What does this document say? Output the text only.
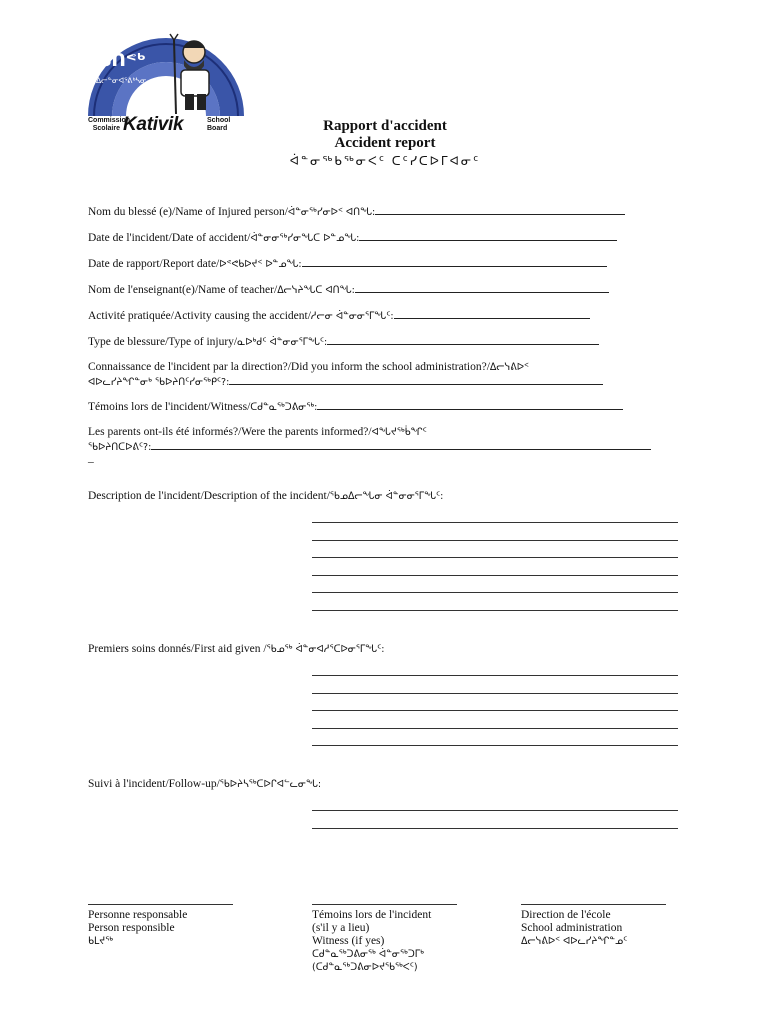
ᑲᑎᕝᒃ
ᐃᓕᓐᓂᐊᕐᕕᒃᓴᓂ
Commission Scolaire Kativik	School Board	Rapport d'accident
Accident report
ᐋᓐᓂᖅᑲᖅᓂᐸᑦ ᑕᑦᓯᑕᐅᒥᐊᓂᑦ
Nom du blessé (e)/Name of Injured person/ᐋᓐᓂᖅᓯᓂᐅᑉ ᐊᑎᖓ:
Date de l'incident/Date of accident/ᐋᓐᓂᓂᖅᓯᓂᖓᑕ ᐅᓐᓄᖓ:
Date de rapport/Report date/ᐅᕝᕙᑲᐅᔪᑉ ᐅᓐᓄᖓ:
Nom de l'enseignant(e)/Name of teacher/ᐃᓕᓭᔨᖓᑕ ᐊᑎᖓ:
Activité pratiquée/Activity causing the accident/ᓱᓕᓂ ᐋᓐᓂᓂᕐᒥᖓᑦ:
Type de blessure/Type of injury/ᓇᐅᒃᑯᑦ ᐋᓐᓂᓂᕐᒥᖓᑦ:
Connaissance de l'incident par la direction?/Did you inform the school administration?/ᐃᓕᓭᕕᐅᑉ
ᐊᐅᓚᓯᔨᖏᓐᓂᒃ ᖃᐅᔨᑎᑦᓯᓂᖅᑭᑦ?:
Témoins lors de l'incident/Witness/ᑕᑯᓐᓇᖅᑐᕕᓂᖅ:
Les parents ont-ils été informés?/Were the parents informed?/ᐊᖓᔪᖅᑳᖏᑦ
ᖃᐅᔨᑎᑕᐅᕕᑦ?:
_
Description de l'incident/Description of the incident/ᖃᓄᐃᓕᖓᓂ ᐋᓐᓂᓂᕐᒥᖓᑦ:
Premiers soins donnés/First aid given /ᖃᓄᖅ ᐋᓐᓂᐊᓱᕐᑕᐅᓂᕐᒥᖓᑦ:
Suivi à l'incident/Follow-up/ᖃᐅᔨᓴᖅᑕᐅᒋᐊᓪᓚᓂᖓ:
Personne responsable
Person responsible
ᑲᒪᔪᖅ
Témoins lors de l'incident
(s'il y a lieu)
Witness (if yes)
ᑕᑯᓐᓇᖅᑐᕕᓂᖅ ᐋᓐᓂᖅᑐᒥᒃ
(ᑕᑯᓐᓇᖅᑐᕕᓂᐅᔪᖃᖅᐸᑦ)
Direction de l'école
School administration
ᐃᓕᓭᕕᐅᑉ ᐊᐅᓚᓯᔨᖏᓐᓄᑦ
